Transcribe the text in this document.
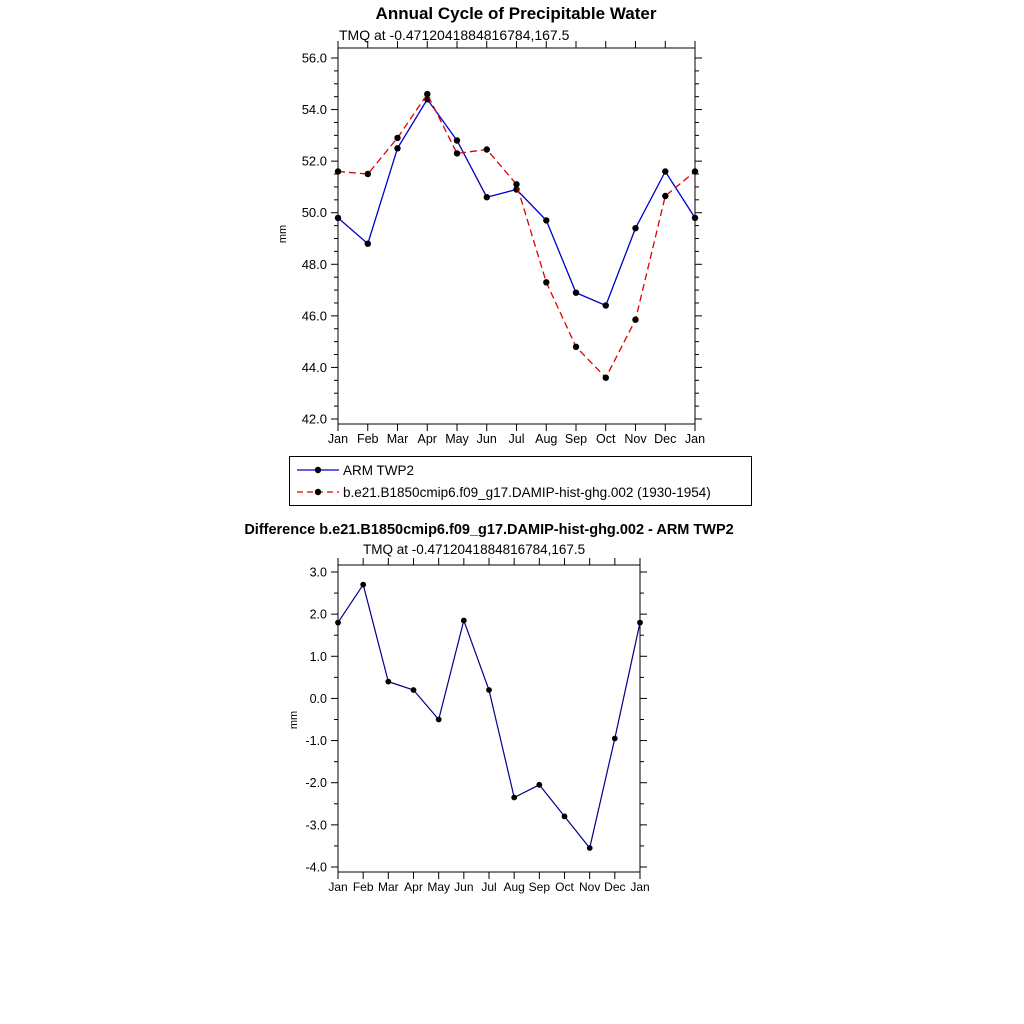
Annual Cycle of Precipitable Water
TMQ at -0.4712041884816784,167.5
mm
42.0
44.0
46.0
48.0
50.0
52.0
54.0
56.0
Jan Feb Mar Apr May Jun Jul Aug Sep Oct Nov Dec Jan
ARM TWP2
b.e21.B1850cmip6.f09_g17.DAMIP-hist-ghg.002 (1930-1954)
Difference b.e21.B1850cmip6.f09_g17.DAMIP-hist-ghg.002 - ARM TWP2
TMQ at -0.4712041884816784,167.5
mm
-4.0
-3.0
-2.0
-1.0
0.0
1.0
2.0
3.0
Jan Feb Mar Apr May Jun Jul Aug Sep Oct Nov Dec Jan
